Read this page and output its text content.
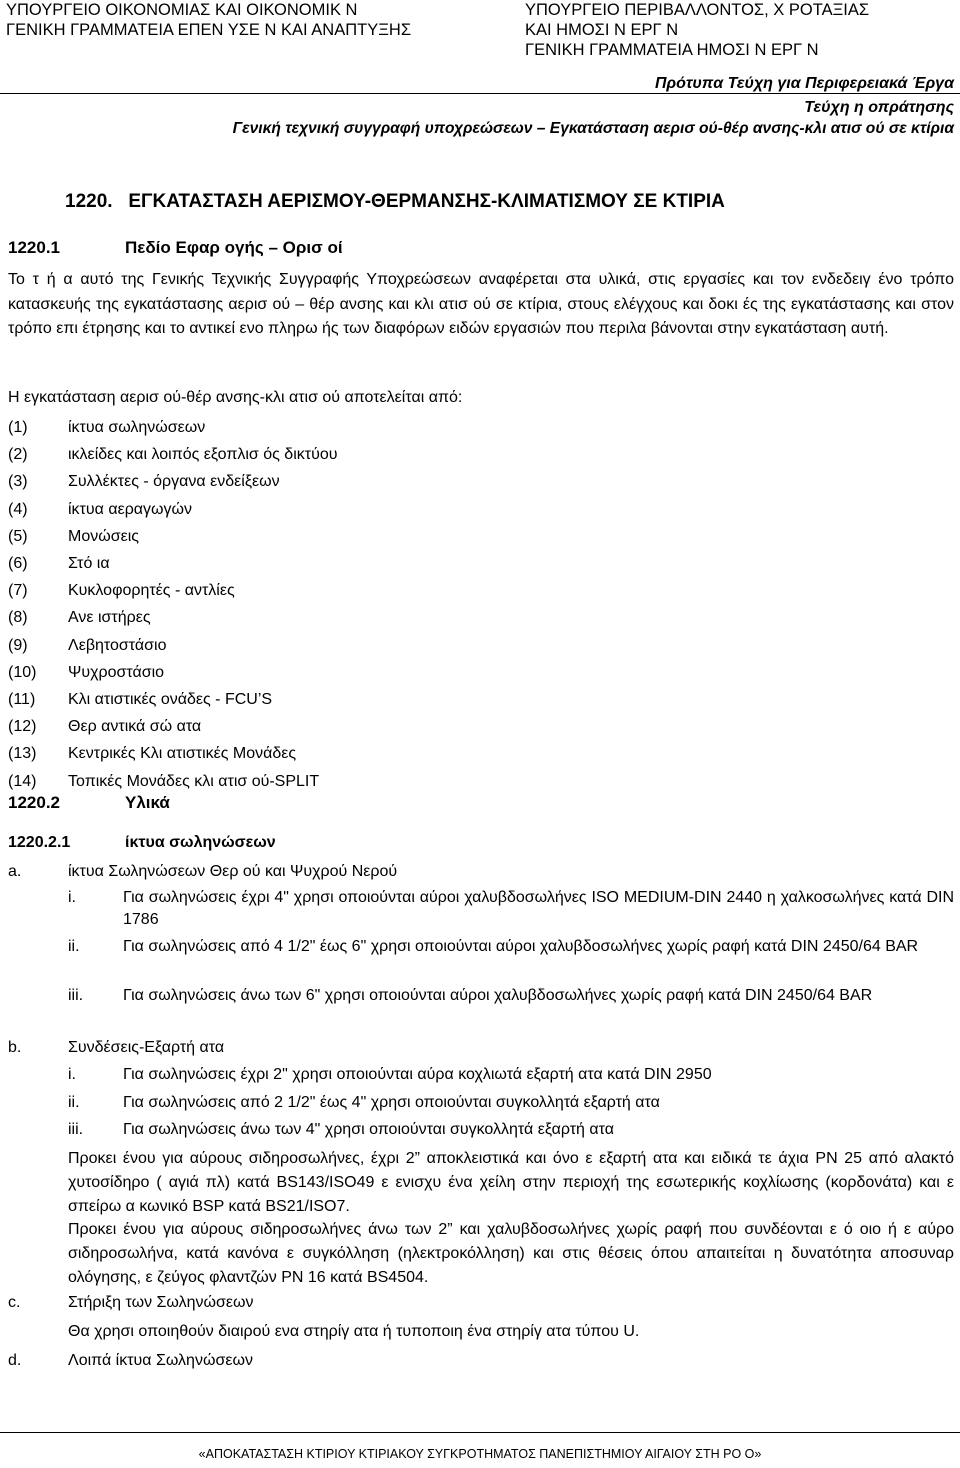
ΥΠΟΥΡΓΕΙΟ ΟΙΚΟΝΟΜΙΑΣ ΚΑΙ ΟΙΚΟΝΟΜΙΚ Ν
ΓΕΝΙΚΗ ΓΡΑΜΜΑΤΕΙΑ ΕΠΕΝ ΥΣΕ Ν ΚΑΙ ΑΝΑΠΤΥΞΗΣ
ΥΠΟΥΡΓΕΙΟ ΠΕΡΙΒΑΛΛΟΝΤΟΣ, Χ ΡΟΤΑΞΙΑΣ
ΚΑΙ ΗΜΟΣΙ Ν ΕΡΓ Ν
ΓΕΝΙΚΗ ΓΡΑΜΜΑΤΕΙΑ ΗΜΟΣΙ Ν ΕΡΓ Ν
Πρότυπα Τεύχη για Περιφερειακά Έργα
Τεύχη η οπράτησης
Γενική τεχνική συγγραφή υποχρεώσεων – Εγκατάσταση αερισ ού-θέρ ανσης-κλι ατισ ού σε κτίρια
1220.   ΕΓΚΑΤΑΣΤΑΣΗ ΑΕΡΙΣΜΟΥ-ΘΕΡΜΑΝΣΗΣ-ΚΛΙΜΑΤΙΣΜΟΥ ΣΕ ΚΤΙΡΙΑ
1220.1	Πεδίο Εφαρ ογής – Ορισ οί
Το τ ή α αυτό της Γενικής Τεχνικής Συγγραφής Υποχρεώσεων αναφέρεται στα υλικά, στις εργασίες και τον ενδεδειγ ένο τρόπο κατασκευής της εγκατάστασης αερισ ού – θέρ ανσης και κλι ατισ ού σε κτίρια, στους ελέγχους και δοκι ές της εγκατάστασης και στον τρόπο επι έτρησης και το αντικεί ενο πληρω ής των διαφόρων ειδών εργασιών που περιλα βάνονται στην εγκατάσταση αυτή.
Η εγκατάσταση αερισ ού-θέρ ανσης-κλι ατισ ού αποτελείται από:
(1)	ίκτυα σωληνώσεων
(2)	ικλείδες και λοιπός εξοπλισ ός δικτύου
(3)	Συλλέκτες - όργανα ενδείξεων
(4)	ίκτυα αεραγωγών
(5)	Μονώσεις
(6)	Στό ια
(7)	Κυκλοφορητές - αντλίες
(8)	Ανε ιστήρες
(9)	Λεβητοστάσιο
(10) Ψυχροστάσιο
(11) Κλι ατιστικές ονάδες - FCU’S
(12) Θερ αντικά σώ ατα
(13) Κεντρικές Κλι ατιστικές Μονάδες
(14) Τοπικές Μονάδες κλι ατισ ού-SPLIT
1220.2	Υλικά
1220.2.1	ίκτυα σωληνώσεων
a.	ίκτυα Σωληνώσεων Θερ ού και Ψυχρού Νερού
i.	Για σωληνώσεις έχρι 4" χρησι οποιούνται αύροι χαλυβδοσωλήνες ISO MEDIUM-DIN 2440 η χαλκοσωλήνες κατά DIN 1786
ii.	Για σωληνώσεις από 4 1/2" έως 6" χρησι οποιούνται αύροι χαλυβδοσωλήνες χωρίς ραφή κατά DIN 2450/64 BAR
iii. Για σωληνώσεις άνω των 6" χρησι οποιούνται αύροι χαλυβδοσωλήνες χωρίς ραφή κατά DIN 2450/64 BAR
b.	Συνδέσεις-Εξαρτή ατα
i.	Για σωληνώσεις έχρι 2" χρησι οποιούνται αύρα κοχλιωτά εξαρτή ατα κατά DIN 2950
ii.	Για σωληνώσεις από 2 1/2" έως 4" χρησι οποιούνται συγκολλητά εξαρτή ατα
iii. Για σωληνώσεις άνω των 4" χρησι οποιούνται συγκολλητά εξαρτή ατα
Προκει ένου για αύρους σιδηροσωλήνες, έχρι 2” αποκλειστικά και όνο ε εξαρτή ατα και ειδικά τε άχια PN 25 από αλακτό χυτοσίδηρο ( αγιά πλ) κατά BS143/ISO49 ε ενισχυ ένα χείλη στην περιοχή της εσωτερικής κοχλίωσης (κορδονάτα) και ε σπείρω α κωνικό BSP κατά BS21/ISO7.
Προκει ένου για αύρους σιδηροσωλήνες άνω των 2” και χαλυβδοσωλήνες χωρίς ραφή που συνδέονται ε ό οιο ή ε αύρο σιδηροσωλήνα, κατά κανόνα ε συγκόλληση (ηλεκτροκόλληση) και στις θέσεις όπου απαιτείται η δυνατότητα αποσυναρ ολόγησης, ε ζεύγος φλαντζών PN 16 κατά BS4504.
c.	Στήριξη των Σωληνώσεων
Θα χρησι οποιηθούν διαιρού ενα στηρίγ ατα ή τυποποιη ένα στηρίγ ατα τύπου U.
d.	Λοιπά ίκτυα Σωληνώσεων
«ΑΠΟΚΑΤΑΣΤΑΣΗ ΚΤΙΡΙΟΥ ΚΤΙΡΙΑΚΟΥ ΣΥΓΚΡΟΤΗΜΑΤΟΣ ΠΑΝΕΠΙΣΤΗΜΙΟΥ ΑΙΓΑΙΟΥ ΣΤΗ ΡΟ Ο»
